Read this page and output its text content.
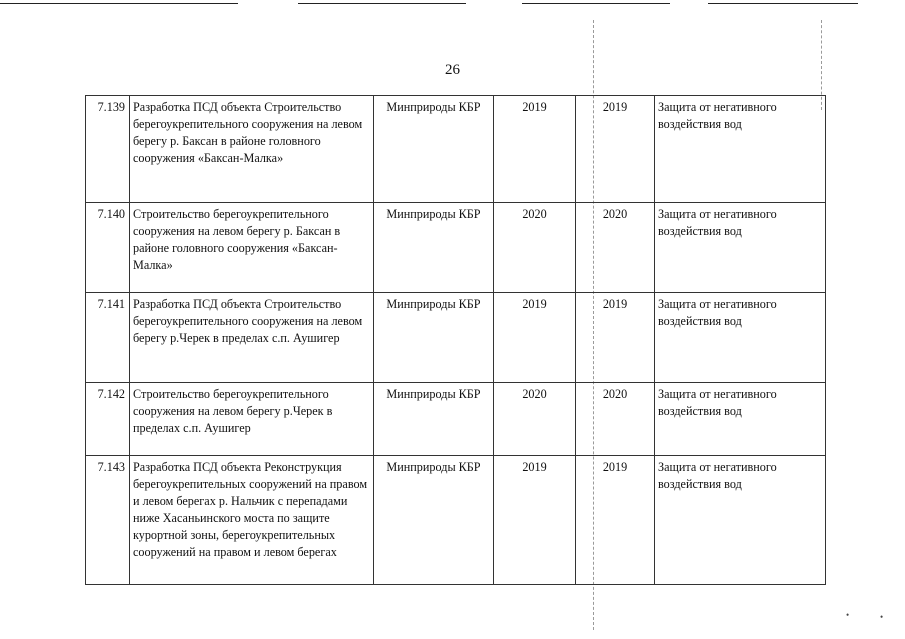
26
7.139	Разработка ПСД объекта Строительство берегоукрепительного сооружения на левом берегу р. Баксан в районе головного сооружения «Баксан-Малка»	Минприроды КБР	2019	2019	Защита от негативного воздействия вод
7.140	Строительство берегоукрепительного сооружения на левом берегу р. Баксан в районе головного сооружения «Баксан-Малка»	Минприроды КБР	2020	2020	Защита от негативного воздействия вод
7.141	Разработка ПСД объекта Строительство берегоукрепительного сооружения на левом берегу р.Черек в пределах с.п. Аушигер	Минприроды КБР	2019	2019	Защита от негативного воздействия вод
7.142	Строительство берегоукрепительного сооружения на левом берегу р.Черек в пределах с.п. Аушигер	Минприроды КБР	2020	2020	Защита от негативного воздействия вод
7.143	Разработка ПСД объекта Реконструкция берегоукрепительных сооружений на правом и левом берегах р. Нальчик с перепадами ниже Хасаньинского моста по защите курортной зоны, берегоукрепительных сооружений на правом и левом берегах	Минприроды КБР	2019	2019	Защита от негативного воздействия вод
•	•
